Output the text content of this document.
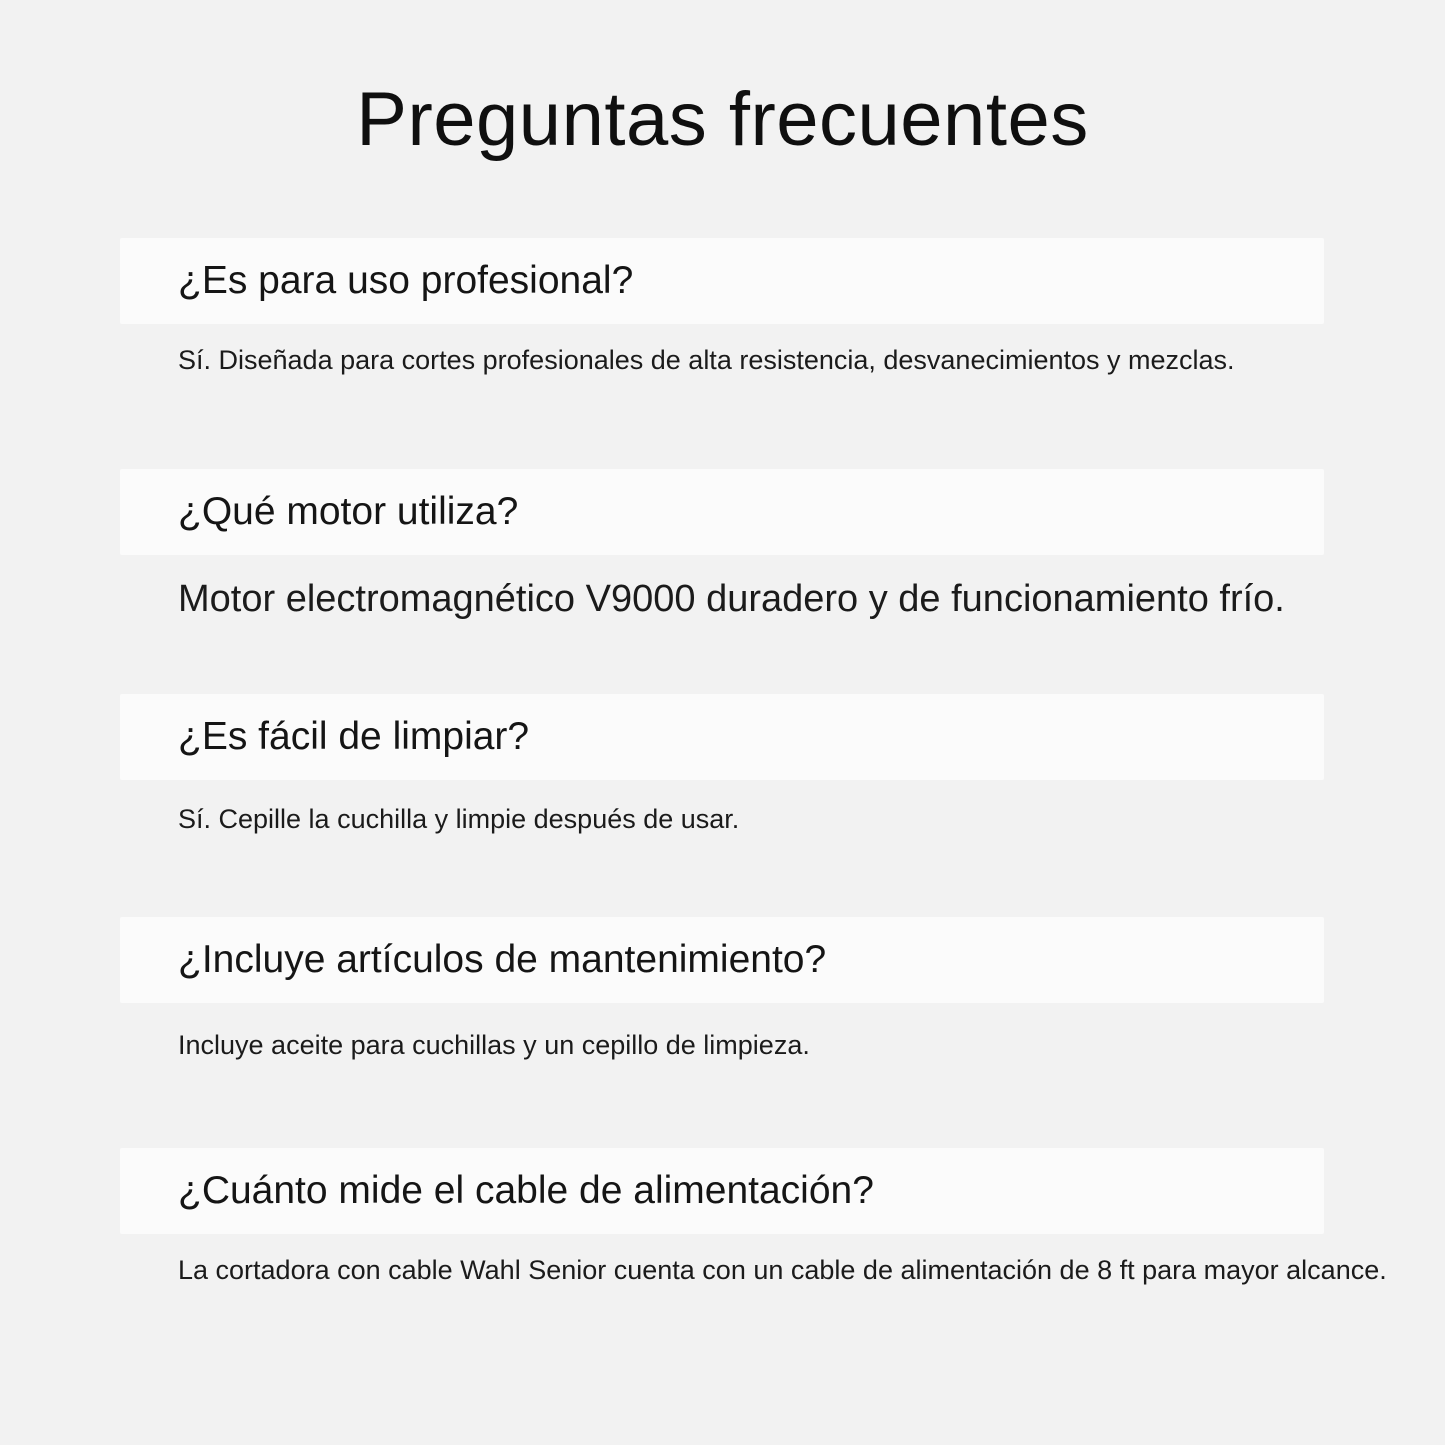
Preguntas frecuentes
¿Es para uso profesional?
Sí. Diseñada para cortes profesionales de alta resistencia, desvanecimientos y mezclas.
¿Qué motor utiliza?
Motor electromagnético V9000 duradero y de funcionamiento frío.
¿Es fácil de limpiar?
Sí. Cepille la cuchilla y limpie después de usar.
¿Incluye artículos de mantenimiento?
Incluye aceite para cuchillas y un cepillo de limpieza.
¿Cuánto mide el cable de alimentación?
La cortadora con cable Wahl Senior cuenta con un cable de alimentación de 8 ft para mayor alcance.
